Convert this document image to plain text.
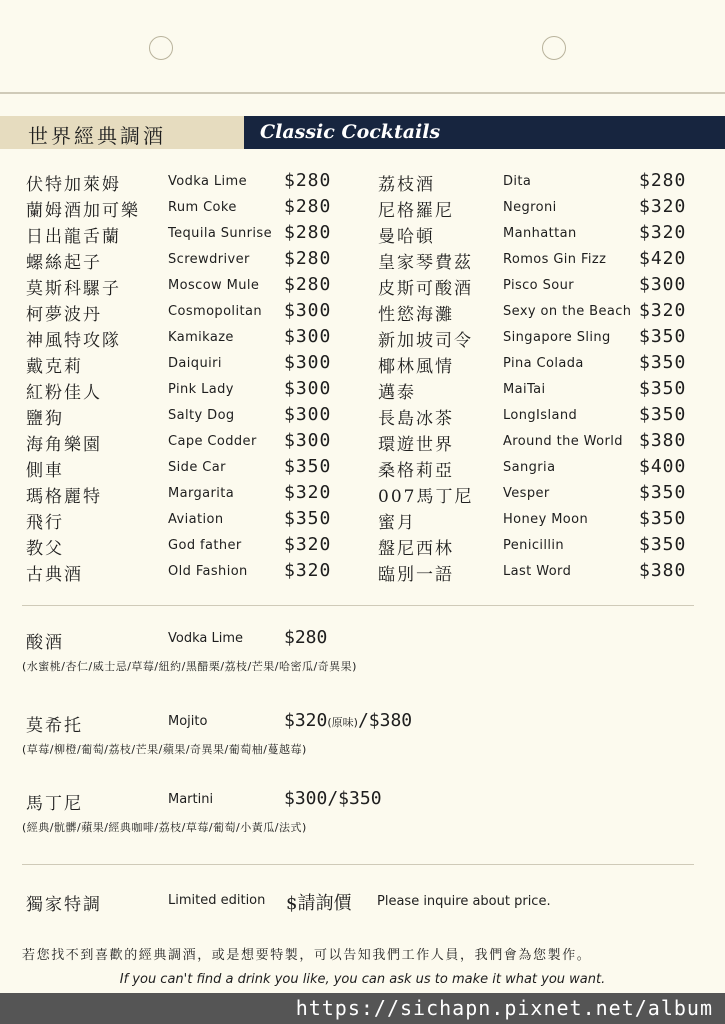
世界經典調酒	Classic Cocktails
伏特加萊姆	Vodka Lime $280
蘭姆酒加可樂 Rum Coke	$280
日出龍舌蘭	Tequila Sunrise $280
螺絲起子	Screwdriver $280
莫斯科騾子	Moscow Mule $280
柯夢波丹	Cosmopolitan $300
神風特攻隊	Kamikaze	$300
戴克莉	Daiquiri	$300
紅粉佳人	Pink Lady	$300
鹽狗	Salty Dog	$300
海角樂園	Cape Codder $300
側車	Side Car	$350
瑪格麗特	Margarita	$320
飛行	Aviation	$350
教父	God father $320
古典酒	Old Fashion $320
荔枝酒	Dita	$280
尼格羅尼	Negroni	$320
曼哈頓	Manhattan	$320
皇家琴費茲 Romos Gin Fizz $420
皮斯可酸酒 Pisco Sour	$300
性慾海灘	Sexy on the Beach $320
新加坡司令 Singapore Sling $350
椰林風情	Pina Colada	$350
邁泰	MaiTai	$350
長島冰茶	LongIsland	$350
環遊世界	Around the World $380
桑格莉亞	Sangria	$400
007馬丁尼 Vesper	$350
蜜月	Honey Moon	$350
盤尼西林	Penicillin	$350
臨別一語	Last Word	$380
酸酒	Vodka Lime $280
(水蜜桃/杏仁/威士忌/草莓/紐約/黑醋栗/荔枝/芒果/哈密瓜/奇異果)
莫希托	Mojito	$320(原味)/$380
(草莓/柳橙/葡萄/荔枝/芒果/蘋果/奇異果/葡萄柚/蔓越莓)
馬丁尼	Martini	$300/$350
(經典/骯髒/蘋果/經典咖啡/荔枝/草莓/葡萄/小黃瓜/法式)
獨家特調	Limited edition $請詢價 Please inquire about price.
若您找不到喜歡的經典調酒，或是想要特製，可以告知我們工作人員，我們會為您製作。
If you can't find a drink you like, you can ask us to make it what you want.
https://sichapn.pixnet.net/album
